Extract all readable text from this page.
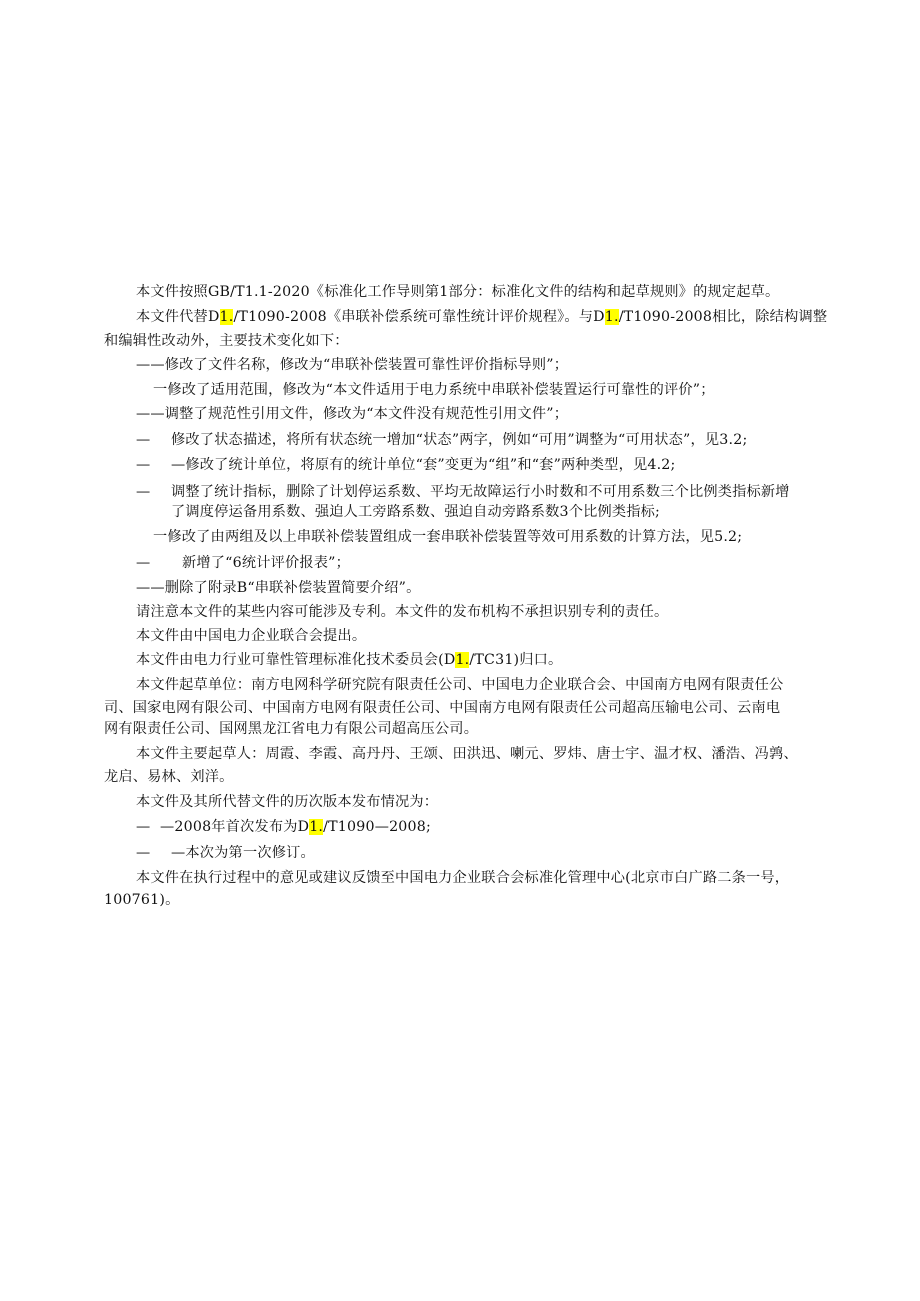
本文件按照GB/T1.1-2020《标准化工作导则第1部分：标准化文件的结构和起草规则》的规定起草。
本文件代替D1./T1090-2008《串联补偿系统可靠性统计评价规程》。与D1./T1090-2008相比，除结构调整
和编辑性改动外，主要技术变化如下：
——修改了文件名称，修改为“串联补偿装置可靠性评价指标导则”；
一修改了适用范围，修改为“本文件适用于电力系统中串联补偿装置运行可靠性的评价”；
——调整了规范性引用文件，修改为“本文件没有规范性引用文件”；
— 修改了状态描述，将所有状态统一增加“状态”两字，例如“可用”调整为“可用状态”，见3.2;
— —修改了统计单位，将原有的统计单位“套”变更为“组”和“套”两种类型，见4.2;
— 调整了统计指标，删除了计划停运系数、平均无故障运行小时数和不可用系数三个比例类指标新增
了调度停运备用系数、强迫人工旁路系数、强迫自动旁路系数3个比例类指标;
一修改了由两组及以上串联补偿装置组成一套串联补偿装置等效可用系数的计算方法，见5.2;
— 新增了“6统计评价报表”；
——删除了附录B“串联补偿装置简要介绍”。
请注意本文件的某些内容可能涉及专利。本文件的发布机构不承担识别专利的责任。
本文件由中国电力企业联合会提出。
本文件由电力行业可靠性管理标准化技术委员会(D1./TC31)归口。
本文件起草单位：南方电网科学研究院有限责任公司、中国电力企业联合会、中国南方电网有限责任公
司、国家电网有限公司、中国南方电网有限责任公司、中国南方电网有限责任公司超高压输电公司、云南电
网有限责任公司、国网黑龙江省电力有限公司超高压公司。
本文件主要起草人：周霞、李霞、高丹丹、王颂、田洪迅、喇元、罗炜、唐士宇、温才权、潘浩、冯鹑、
龙启、易林、刘洋。
本文件及其所代替文件的历次版本发布情况为：
— —2008年首次发布为D1./T1090—2008;
— —本次为第一次修订。
本文件在执行过程中的意见或建议反馈至中国电力企业联合会标准化管理中心(北京市白广路二条一号，
100761)。
